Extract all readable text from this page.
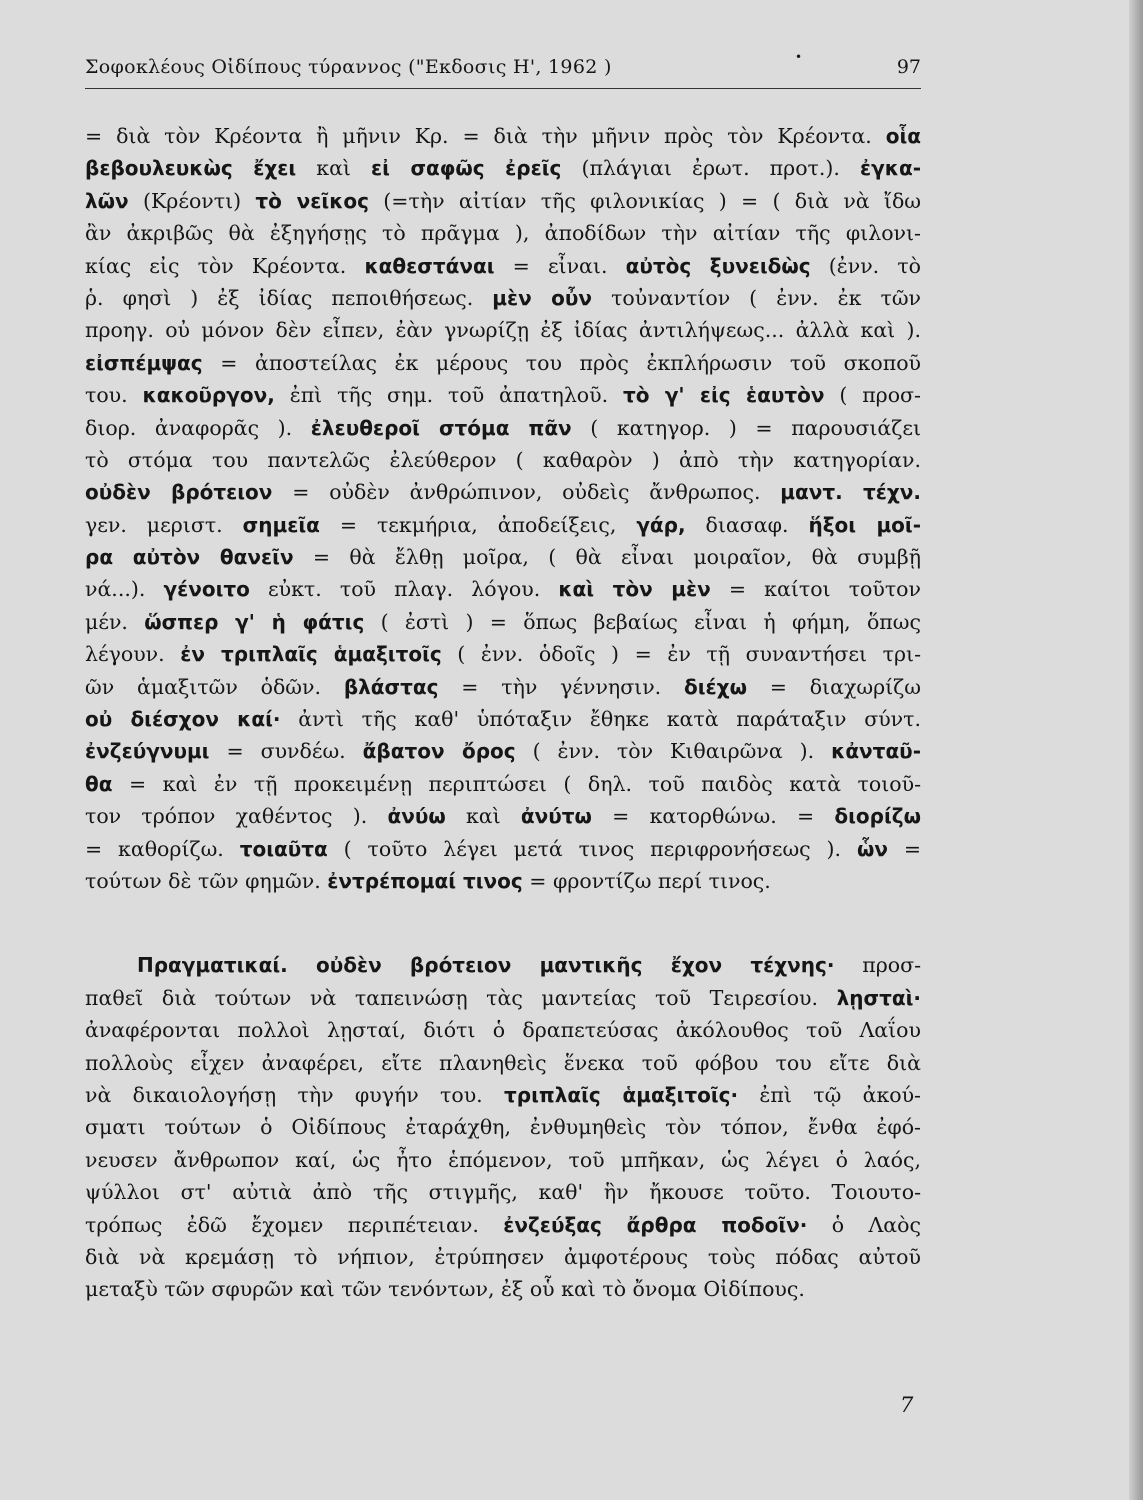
Σοφοκλέους Οἰδίπους τύραννος ("Εκδοσις Η', 1962 )	•	97
= διὰ τὸν Κρέοντα ἢ μῆνιν Κρ. = διὰ τὴν μῆνιν πρὸς τὸν Κρέοντα. οἷα
βεβουλευκὼς ἔχει καὶ εἰ σαφῶς ἐρεῖς (πλάγιαι ἐρωτ. προτ.). ἐγκα-
λῶν (Κρέοντι) τὸ νεῖκος (=τὴν αἰτίαν τῆς φιλονικίας ) = ( διὰ νὰ ἴδω
ἂν ἀκριβῶς θὰ ἐξηγήσῃς τὸ πρᾶγμα ), ἀποδίδων τὴν αἰτίαν τῆς φιλονι-
κίας εἰς τὸν Κρέοντα. καθεστάναι = εἶναι. αὐτὸς ξυνειδὼς (ἐνν. τὸ
ῥ. φησὶ ) ἐξ ἰδίας πεποιθήσεως. μὲν οὖν τοὐναντίον ( ἐνν. ἐκ τῶν
προηγ. οὐ μόνον δὲν εἶπεν, ἐὰν γνωρίζῃ ἐξ ἰδίας ἀντιλήψεως... ἀλλὰ καὶ ).
εἰσπέμψας = ἀποστείλας ἐκ μέρους του πρὸς ἐκπλήρωσιν τοῦ σκοποῦ
του. κακοῦργον, ἐπὶ τῆς σημ. τοῦ ἀπατηλοῦ. τὸ γ' εἰς ἑαυτὸν ( προσ-
διορ. ἀναφορᾶς ). ἐλευθεροῖ στόμα πᾶν ( κατηγορ. ) = παρουσιάζει
τὸ στόμα του παντελῶς ἐλεύθερον ( καθαρὸν ) ἀπὸ τὴν κατηγορίαν.
οὐδὲν βρότειον = οὐδὲν ἀνθρώπινον, οὐδεὶς ἄνθρωπος. μαντ. τέχν.
γεν. μεριστ. σημεῖα = τεκμήρια, ἀποδείξεις, γάρ, διασαφ. ἥξοι μοῖ-
ρα αὐτὸν θανεῖν = θὰ ἔλθῃ μοῖρα, ( θὰ εἶναι μοιραῖον, θὰ συμβῇ
νά...). γένοιτο εὐκτ. τοῦ πλαγ. λόγου. καὶ τὸν μὲν = καίτοι τοῦτον
μέν. ὥσπερ γ' ἡ φάτις ( ἐστὶ ) = ὅπως βεβαίως εἶναι ἡ φήμη, ὅπως
λέγουν. ἐν τριπλαῖς ἁμαξιτοῖς ( ἐνν. ὁδοῖς ) = ἐν τῇ συναντήσει τρι-
ῶν ἁμαξιτῶν ὁδῶν. βλάστας = τὴν γέννησιν. διέχω = διαχωρίζω
οὐ διέσχον καί· ἀντὶ τῆς καθ' ὑπόταξιν ἔθηκε κατὰ παράταξιν σύντ.
ἐνζεύγνυμι = συνδέω. ἄβατον ὄρος ( ἐνν. τὸν Κιθαιρῶνα ). κἀνταῦ-
θα = καὶ ἐν τῇ προκειμένῃ περιπτώσει ( δηλ. τοῦ παιδὸς κατὰ τοιοῦ-
τον τρόπον χαθέντος ). ἀνύω καὶ ἀνύτω = κατορθώνω. = διορίζω
= καθορίζω. τοιαῦτα ( τοῦτο λέγει μετά τινος περιφρονήσεως ). ὧν =
τούτων δὲ τῶν φημῶν. ἐντρέπομαί τινος = φροντίζω περί τινος.
Πραγματικαί. οὐδὲν βρότειον μαντικῆς ἔχον τέχνης· προσ-
παθεῖ διὰ τούτων νὰ ταπεινώσῃ τὰς μαντείας τοῦ Τειρεσίου. λῃσταὶ·
ἀναφέρονται πολλοὶ λῃσταί, διότι ὁ δραπετεύσας ἀκόλουθος τοῦ Λαΐου
πολλοὺς εἶχεν ἀναφέρει, εἴτε πλανηθεὶς ἕνεκα τοῦ φόβου του εἴτε διὰ
νὰ δικαιολογήσῃ τὴν φυγήν του. τριπλαῖς ἁμαξιτοῖς· ἐπὶ τῷ ἀκού-
σματι τούτων ὁ Οἰδίπους ἐταράχθη, ἐνθυμηθεὶς τὸν τόπον, ἔνθα ἐφό-
νευσεν ἄνθρωπον καί, ὡς ἦτο ἑπόμενον, τοῦ μπῆκαν, ὡς λέγει ὁ λαός,
ψύλλοι στ' αὐτιὰ ἀπὸ τῆς στιγμῆς, καθ' ἣν ἤκουσε τοῦτο. Τοιουτο-
τρόπως ἐδῶ ἔχομεν περιπέτειαν. ἐνζεύξας ἄρθρα ποδοῖν· ὁ Λαὸς
διὰ νὰ κρεμάσῃ τὸ νήπιον, ἐτρύπησεν ἀμφοτέρους τοὺς πόδας αὐτοῦ
μεταξὺ τῶν σφυρῶν καὶ τῶν τενόντων, ἐξ οὗ καὶ τὸ ὄνομα Οἰδίπους.
7
